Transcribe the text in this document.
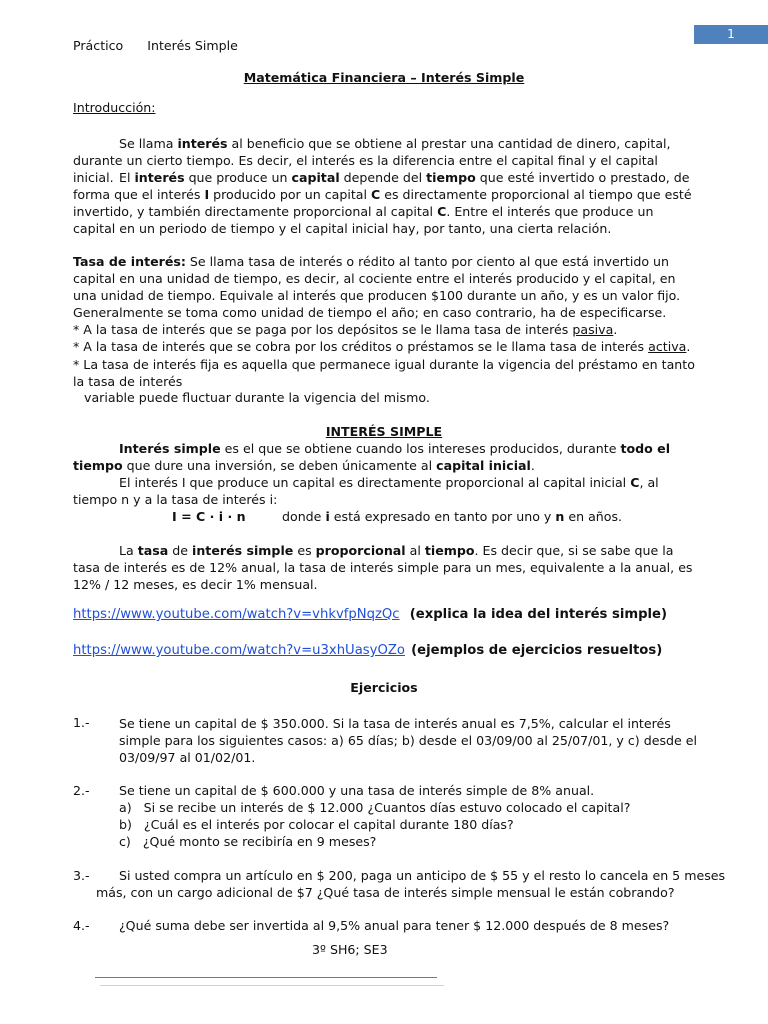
Práctico Interés Simple
1
Matemática Financiera – Interés Simple
Introducción:
Se llama interés al beneficio que se obtiene al prestar una cantidad de dinero, capital, durante un cierto tiempo. Es decir, el interés es la diferencia entre el capital final y el capital inicial. El interés que produce un capital depende del tiempo que esté invertido o prestado, de forma que el interés I producido por un capital C es directamente proporcional al tiempo que esté invertido, y también directamente proporcional al capital C. Entre el interés que produce un capital en un periodo de tiempo y el capital inicial hay, por tanto, una cierta relación.
Tasa de interés: Se llama tasa de interés o rédito al tanto por ciento al que está invertido un capital en una unidad de tiempo, es decir, al cociente entre el interés producido y el capital, en una unidad de tiempo. Equivale al interés que producen $100 durante un año, y es un valor fijo. Generalmente se toma como unidad de tiempo el año; en caso contrario, ha de especificarse.
* A la tasa de interés que se paga por los depósitos se le llama tasa de interés pasiva.
* A la tasa de interés que se cobra por los créditos o préstamos se le llama tasa de interés activa.
* La tasa de interés fija es aquella que permanece igual durante la vigencia del préstamo en tanto la tasa de interés
variable puede fluctuar durante la vigencia del mismo.
INTERÉS SIMPLE
Interés simple es el que se obtiene cuando los intereses producidos, durante todo el tiempo que dure una inversión, se deben únicamente al capital inicial.
El interés I que produce un capital es directamente proporcional al capital inicial C, al tiempo n y a la tasa de interés i:
I = C · i · n	donde i está expresado en tanto por uno y n en años.
La tasa de interés simple es proporcional al tiempo. Es decir que, si se sabe que la tasa de interés es de 12% anual, la tasa de interés simple para un mes, equivalente a la anual, es 12% / 12 meses, es decir 1% mensual.
https://www.youtube.com/watch?v=vhkvfpNqzQc (explica la idea del interés simple)
https://www.youtube.com/watch?v=u3xhUasyOZo (ejemplos de ejercicios resueltos)
Ejercicios
1.- Se tiene un capital de $ 350.000. Si la tasa de interés anual es 7,5%, calcular el interés simple para los siguientes casos: a) 65 días; b) desde el 03/09/00 al 25/07/01, y c) desde el 03/09/97 al 01/02/01.
2.- Se tiene un capital de $ 600.000 y una tasa de interés simple de 8% anual.
a) Si se recibe un interés de $ 12.000 ¿Cuantos días estuvo colocado el capital?
b) ¿Cuál es el interés por colocar el capital durante 180 días?
c) ¿Qué monto se recibiría en 9 meses?
3.- Si usted compra un artículo en $ 200, paga un anticipo de $ 55 y el resto lo cancela en 5 meses
más, con un cargo adicional de $7 ¿Qué tasa de interés simple mensual le están cobrando?
4.- ¿Qué suma debe ser invertida al 9,5% anual para tener $ 12.000 después de 8 meses?
3º SH6; SE3
